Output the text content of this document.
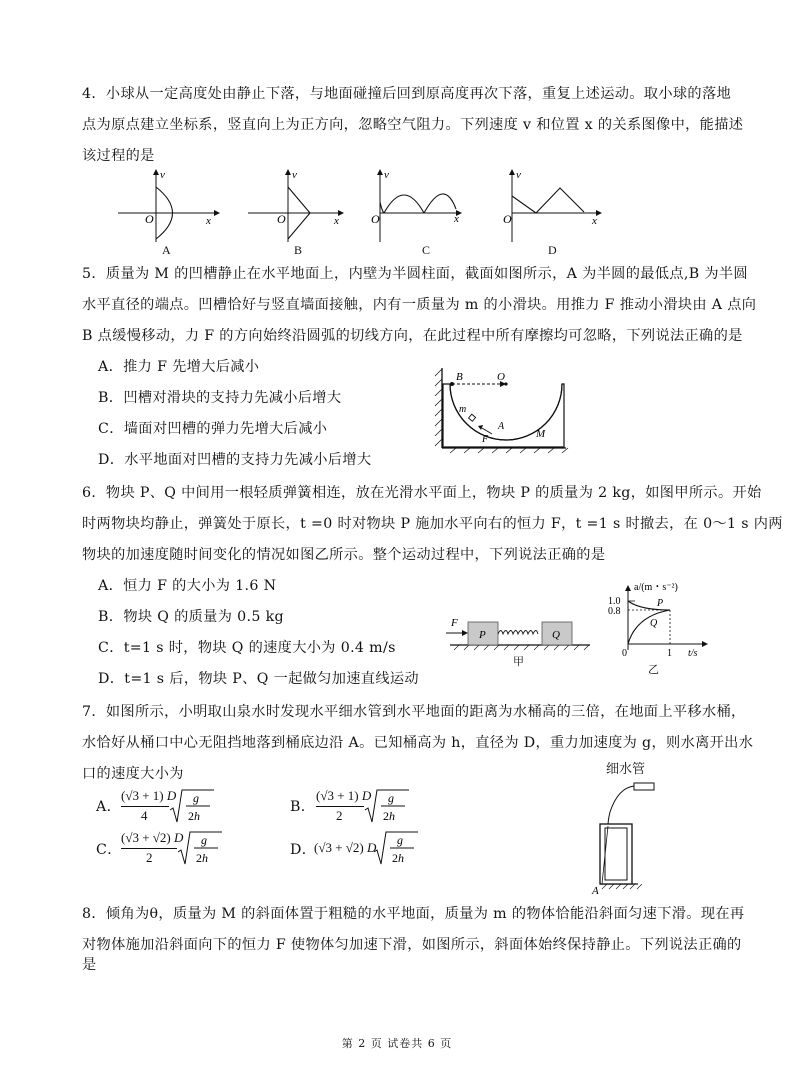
4．小球从一定高度处由静止下落，与地面碰撞后回到原高度再次下落，重复上述运动。取小球的落地
点为原点建立坐标系，竖直向上为正方向，忽略空气阻力。下列速度 v 和位置 x 的关系图像中，能描述
该过程的是
v
x
O
A
v
x
O
B
v
x
O
C
v
x
O
D
5．质量为 M 的凹槽静止在水平地面上，内壁为半圆柱面，截面如图所示，A 为半圆的最低点,B 为半圆
水平直径的端点。凹槽恰好与竖直墙面接触，内有一质量为 m 的小滑块。用推力 F 推动小滑块由 A 点向
B 点缓慢移动，力 F 的方向始终沿圆弧的切线方向，在此过程中所有摩擦均可忽略，下列说法正确的是
A．推力 F 先增大后减小
B．凹槽对滑块的支持力先减小后增大
C．墙面对凹槽的弹力先增大后减小
D．水平地面对凹槽的支持力先减小后增大
B	O
m
A
F	M
6．物块 P、Q 中间用一根轻质弹簧相连，放在光滑水平面上，物块 P 的质量为 2 kg，如图甲所示。开始
时两物块均静止，弹簧处于原长，t =0 时对物块 P 施加水平向右的恒力 F，t =1 s 时撤去，在 0～1 s 内两
物块的加速度随时间变化的情况如图乙所示。整个运动过程中，下列说法正确的是
A．恒力 F 的大小为 1.6 N
B．物块 Q 的质量为 0.5 kg
C．t=1 s 时，物块 Q 的速度大小为 0.4 m/s
D．t=1 s 后，物块 P、Q 一起做匀加速直线运动
F
P	Q
甲
a/(m・s⁻²)
1.0
0.8
P
Q
0	1 t/s
乙
7．如图所示，小明取山泉水时发现水平细水管到水平地面的距离为水桶高的三倍，在地面上平移水桶，
水恰好从桶口中心无阻挡地落到桶底边沿 A。已知桶高为 h，直径为 D，重力加速度为 g，则水离开出水
口的速度大小为
A．
(√3 + 1) D
4
g
2h
B．
(√3 + 1) D
2
g
2h
C．
(√3 + √2) D
2
g
2h	D．
(√3 + √2) D g
2h
A
细水管
8．倾角为θ，质量为 M 的斜面体置于粗糙的水平地面，质量为 m 的物体恰能沿斜面匀速下滑。现在再
对物体施加沿斜面向下的恒力 F 使物体匀加速下滑，如图所示，斜面体始终保持静止。下列说法正确的
是
第 2 页 试卷共 6 页
